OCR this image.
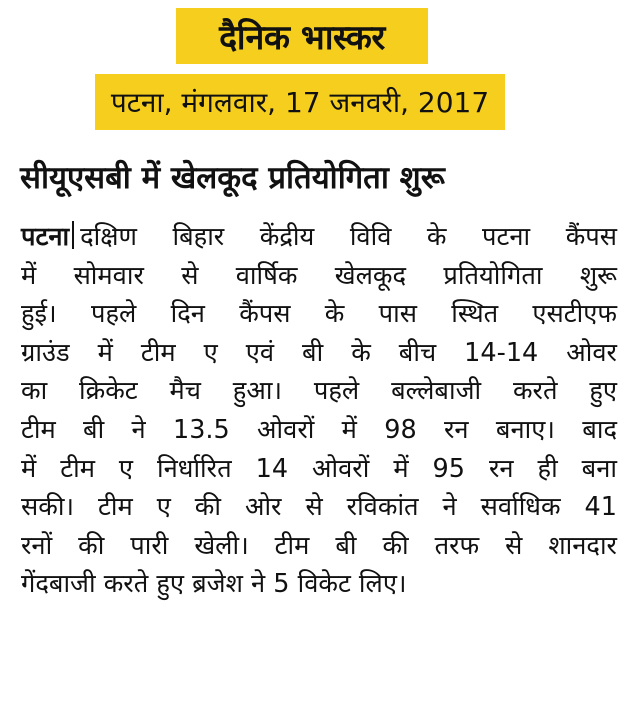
दैनिक भास्कर
पटना, मंगलवार, 17 जनवरी, 2017
सीयूएसबी में खेलकूद प्रतियोगिता शुरू
पटना दक्षिण बिहार केंद्रीय विवि के पटना कैंपस
में सोमवार से वार्षिक खेलकूद प्रतियोगिता शुरू
हुई। पहले दिन कैंपस के पास स्थित एसटीएफ
ग्राउंड में टीम ए एवं बी के बीच 14-14 ओवर
का क्रिकेट मैच हुआ। पहले बल्लेबाजी करते हुए
टीम बी ने 13.5 ओवरों में 98 रन बनाए। बाद
में टीम ए निर्धारित 14 ओवरों में 95 रन ही बना
सकी। टीम ए की ओर से रविकांत ने सर्वाधिक 41
रनों की पारी खेली। टीम बी की तरफ से शानदार
गेंदबाजी करते हुए ब्रजेश ने 5 विकेट लिए।
